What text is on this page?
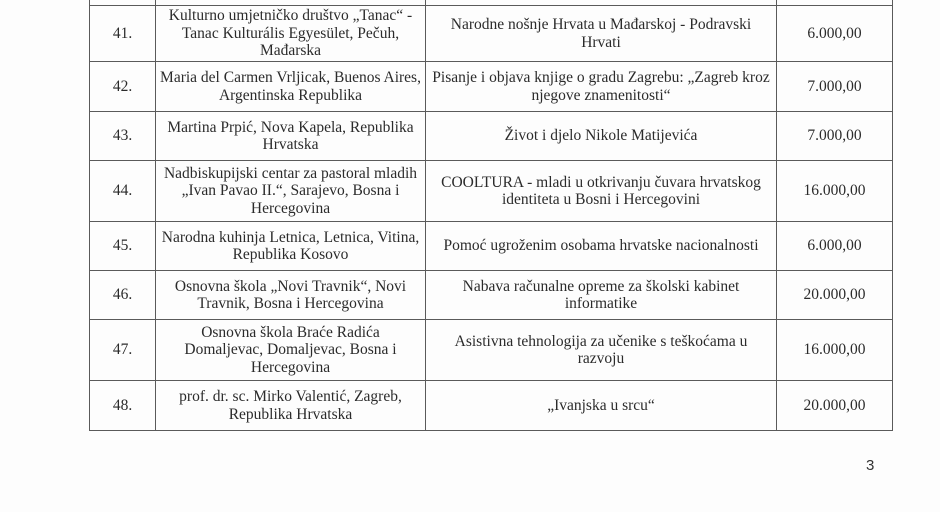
41.	Kulturno umjetničko društvo „Tanac“ - Tanac Kulturális Egyesület, Pečuh, Mađarska	Narodne nošnje Hrvata u Mađarskoj - Podravski Hrvati	6.000,00
42.	Maria del Carmen Vrljicak, Buenos Aires, Argentinska Republika	Pisanje i objava knjige o gradu Zagrebu: „Zagreb kroz njegove znamenitosti“	7.000,00
43.	Martina Prpić, Nova Kapela, Republika Hrvatska	Život i djelo Nikole Matijevića	7.000,00
44.	Nadbiskupijski centar za pastoral mladih „Ivan Pavao II.“, Sarajevo, Bosna i Hercegovina	COOLTURA - mladi u otkrivanju čuvara hrvatskog identiteta u Bosni i Hercegovini	16.000,00
45.	Narodna kuhinja Letnica, Letnica, Vitina, Republika Kosovo	Pomoć ugroženim osobama hrvatske nacionalnosti	6.000,00
46.	Osnovna škola „Novi Travnik“, Novi Travnik, Bosna i Hercegovina	Nabava računalne opreme za školski kabinet informatike	20.000,00
47.	Osnovna škola Braće Radića Domaljevac, Domaljevac, Bosna i Hercegovina	Asistivna tehnologija za učenike s teškoćama u razvoju	16.000,00
48.	prof. dr. sc. Mirko Valentić, Zagreb, Republika Hrvatska	„Ivanjska u srcu“	20.000,00
3
